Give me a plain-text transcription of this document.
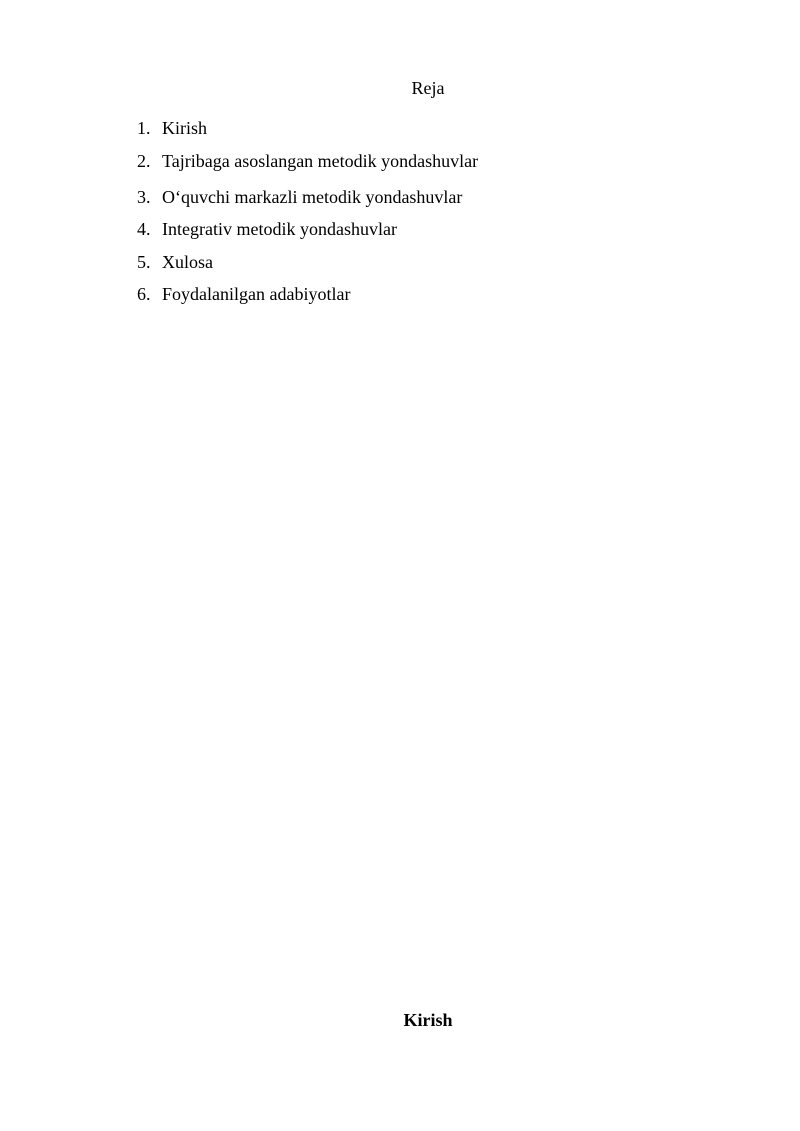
Reja
1. Kirish
2. Tajribaga asoslangan metodik yondashuvlar
3. O‘quvchi markazli metodik yondashuvlar
4. Integrativ metodik yondashuvlar
5. Xulosa
6. Foydalanilgan adabiyotlar
Kirish
